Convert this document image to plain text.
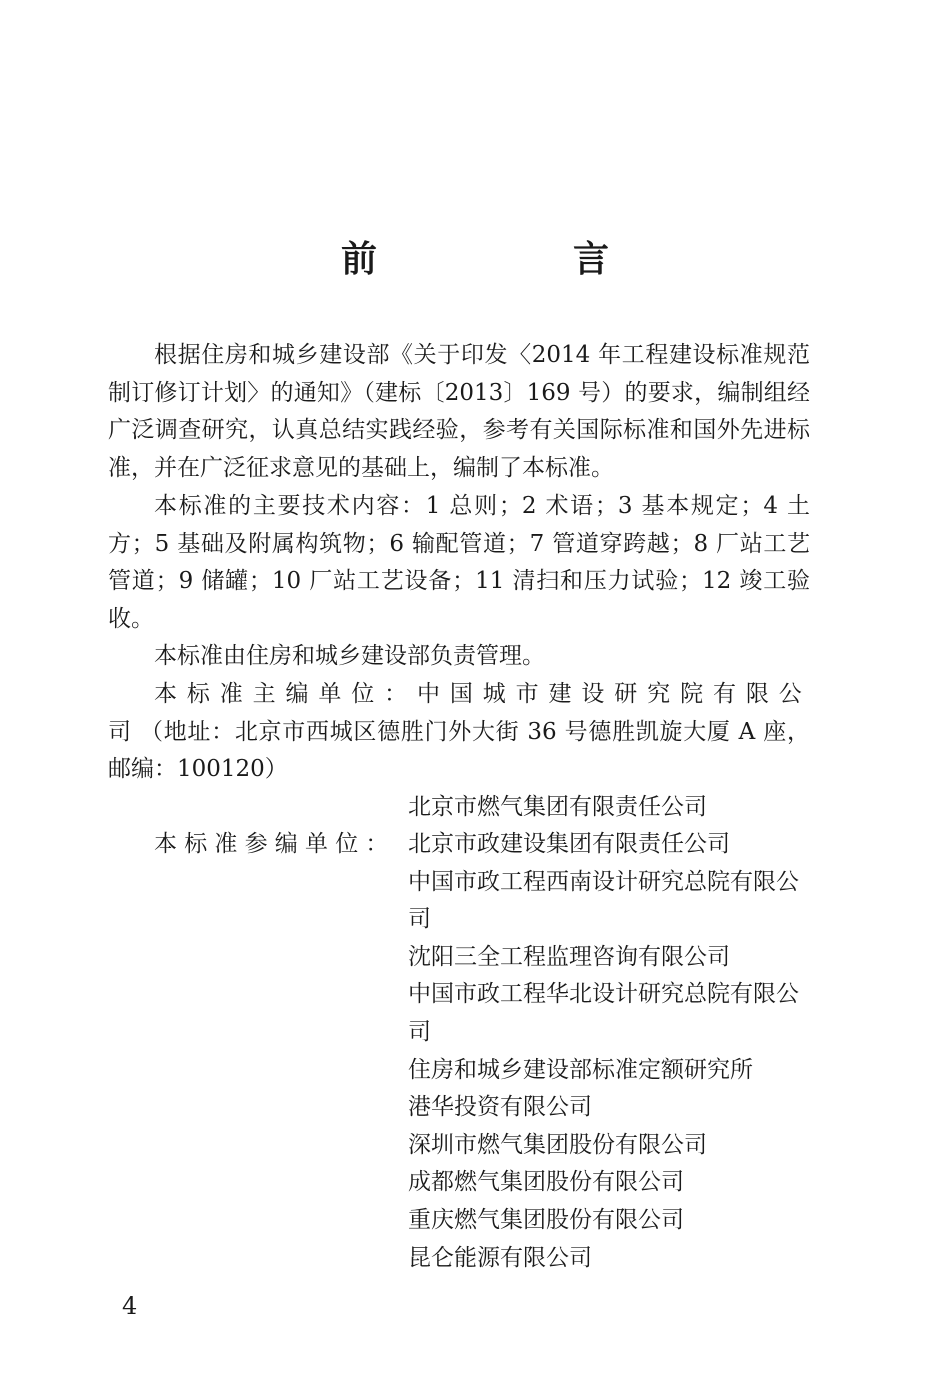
前　言

根据住房和城乡建设部《关于印发〈2014 年工程建设标准规范制订修订计划〉的通知》（建标〔2013〕169 号）的要求，编制组经广泛调查研究，认真总结实践经验，参考有关国际标准和国外先进标准，并在广泛征求意见的基础上，编制了本标准。

本标准的主要技术内容：1 总则；2 术语；3 基本规定；4 土方；5 基础及附属构筑物；6 输配管道；7 管道穿跨越；8 厂站工艺管道；9 储罐；10 厂站工艺设备；11 清扫和压力试验；12 竣工验收。

本标准由住房和城乡建设部负责管理。

本标准主编单位：中国城市建设研究院有限公司（地址：北京市西城区德胜门外大街 36 号德胜凯旋大厦 A 座，邮编：100120）

北京市燃气集团有限责任公司
本标准参编单位： 北京市政建设集团有限责任公司
中国市政工程西南设计研究总院有限公司
沈阳三全工程监理咨询有限公司
中国市政工程华北设计研究总院有限公司
住房和城乡建设部标准定额研究所
港华投资有限公司
深圳市燃气集团股份有限公司
成都燃气集团股份有限公司
重庆燃气集团股份有限公司
昆仑能源有限公司
4
